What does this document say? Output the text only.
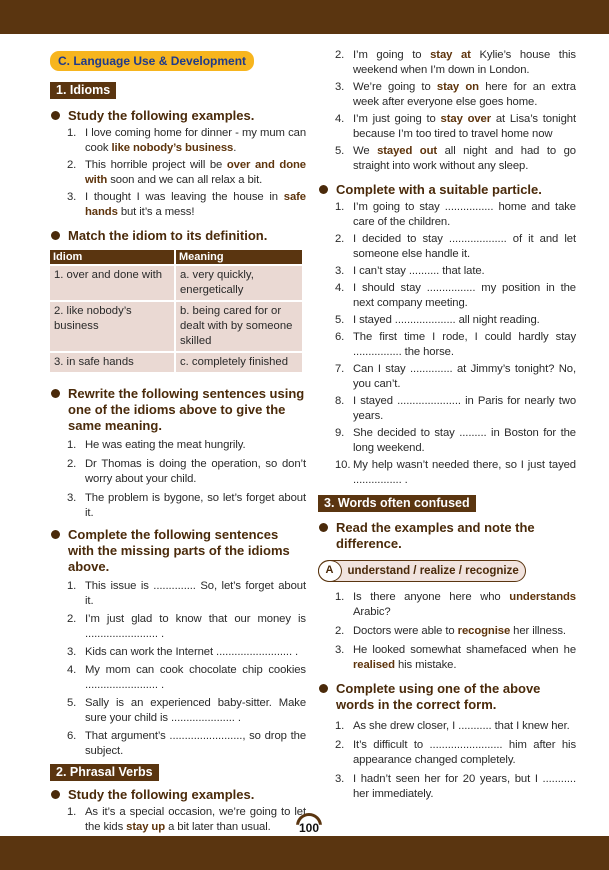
C. Language Use & Development
1. Idioms
Study the following examples.
1. I love coming home for dinner - my mum can cook like nobody’s business.
2. This horrible project will be over and done with soon and we can all relax a bit.
3. I thought I was leaving the house in safe hands but it’s a mess!
Match the idiom to its definition.
Idiom	Meaning
1. over and done with	a. very quickly, energetically
2. like nobody’s business	b. being cared for or dealt with by someone skilled
3. in safe hands	c. completely finished
Rewrite the following sentences using one of the idioms above to give the same meaning.
1. He was eating the meat hungrily.
2. Dr Thomas is doing the operation, so don’t worry about your child.
3. The problem is bygone, so let’s forget about it.
Complete the following sentences with the missing parts of the idioms above.
1. This issue is .............. So, let’s forget about it.
2. I’m just glad to know that our money is ........................ .
3. Kids can work the Internet ......................... .
4. My mom can cook chocolate chip cookies ........................ .
5. Sally is an experienced baby-sitter. Make sure your child is ..................... .
6. That argument’s ........................, so drop the subject.
2. Phrasal Verbs
Study the following examples.
1. As it’s a special occasion, we’re going to let the kids stay up a bit later than usual.
2. I’m going to stay at Kylie’s house this weekend when I’m down in London.
3. We’re going to stay on here for an extra week after everyone else goes home.
4. I’m just going to stay over at Lisa’s tonight because I’m too tired to travel home now
5. We stayed out all night and had to go straight into work without any sleep.
Complete with a suitable particle.
1. I’m going to stay ................ home and take care of the children.
2. I decided to stay ................... of it and let someone else handle it.
3. I can’t stay .......... that late.
4. I should stay ................ my position in the next company meeting.
5. I stayed .................... all night reading.
6. The first time I rode, I could hardly stay ................ the horse.
7. Can I stay .............. at Jimmy’s tonight? No, you can’t.
8. I stayed ..................... in Paris for nearly two years.
9. She decided to stay ......... in Boston for the long weekend.
10. My help wasn’t needed there, so I just tayed ................ .
3. Words often confused
Read the examples and note the difference.
A	understand / realize / recognize
1. Is there anyone here who understands Arabic?
2. Doctors were able to recognise her illness.
3. He looked somewhat shamefaced when he realised his mistake.
Complete using one of the above words in the correct form.
1. As she drew closer, I ........... that I knew her.
2. It’s difficult to ........................ him after his appearance changed completely.
3. I hadn’t seen her for 20 years, but I ........... her immediately.
100
